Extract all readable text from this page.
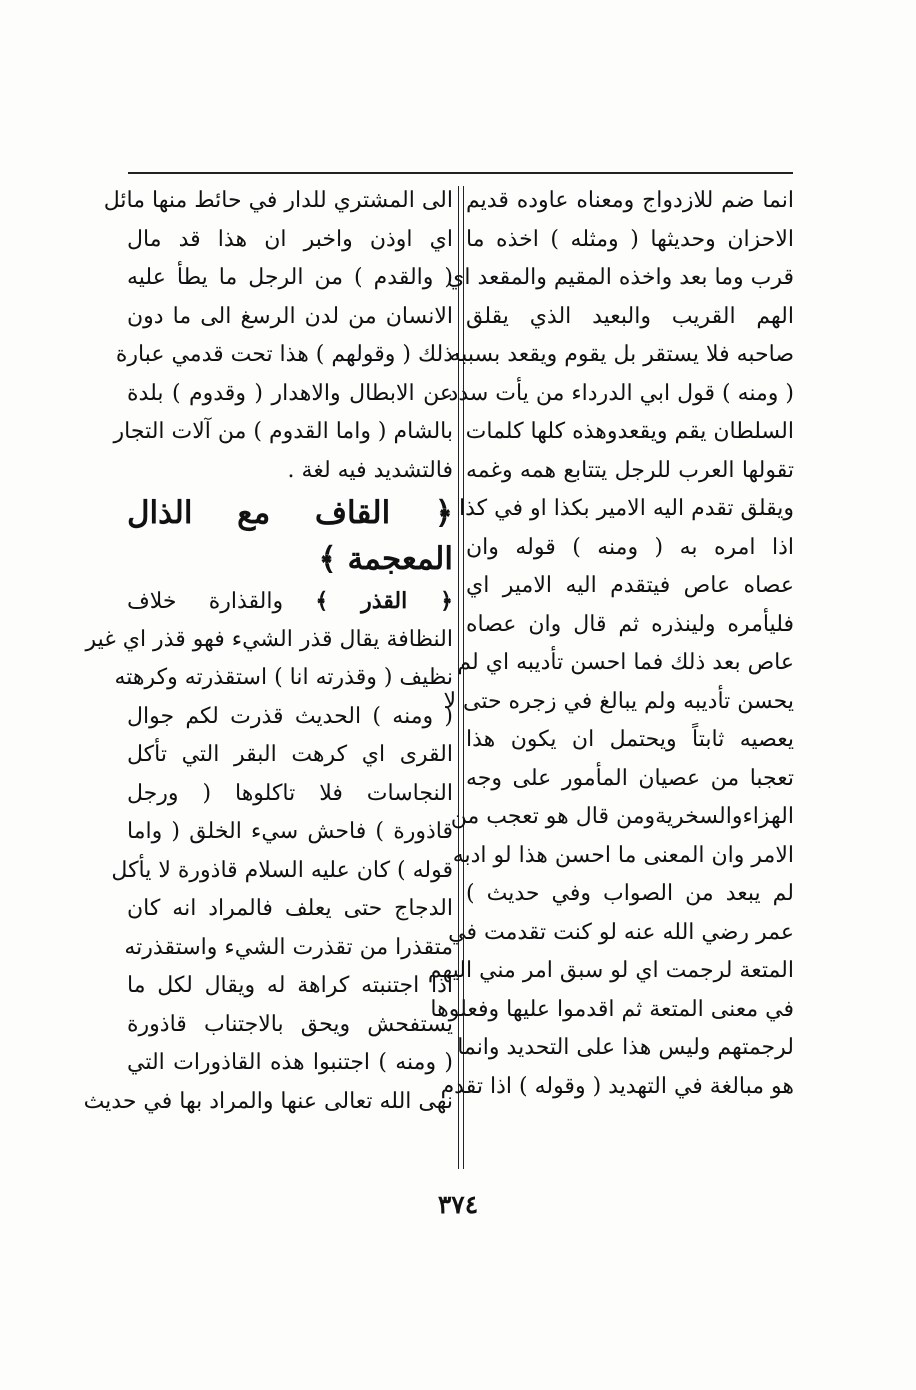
انما ضم للازدواج ومعناه عاوده قديم
الاحزان وحديثها ( ومثله ) اخذه ما
قرب وما بعد واخذه المقيم والمقعد اي
الهم القريب والبعيد الذي يقلق
صاحبه فلا يستقر بل يقوم ويقعد بسببه
( ومنه ) قول ابي الدرداء من يأت سدد
السلطان يقم ويقعدوهذه كلها كلمات
تقولها العرب للرجل يتتابع همه وغمه
ويقلق تقدم اليه الامير بكذا او في كذا
اذا امره به ( ومنه ) قوله وان
عصاه عاص فيتقدم اليه الامير اي
فليأمره ولينذره ثم قال وان عصاه
عاص بعد ذلك فما احسن تأديبه اي لم
يحسن تأديبه ولم يبالغ في زجره حتى لا
يعصيه ثابتاً ويحتمل ان يكون هذا
تعجبا من عصيان المأمور على وجه
الهزاءوالسخريةومن قال هو تعجب من
الامر وان المعنى ما احسن هذا لو ادبه
لم يبعد من الصواب وفي حديث )
عمر رضي الله عنه لو كنت تقدمت في
المتعة لرجمت اي لو سبق امر مني اليهم
في معنى المتعة ثم اقدموا عليها وفعلوها
لرجمتهم وليس هذا على التحديد وانما
هو مبالغة في التهديد ( وقوله ) اذا تقدم
الى المشتري للدار في حائط منها مائل
اي اوذن واخبر ان هذا قد مال
( والقدم ) من الرجل ما يطأ عليه
الانسان من لدن الرسغ الى ما دون
ذلك ( وقولهم ) هذا تحت قدمي عبارة
عن الابطال والاهدار ( وقدوم ) بلدة
بالشام ( واما القدوم ) من آلات التجار
فالتشديد فيه لغة .
﴿ القاف مع الذال
المعجمة ﴾
﴿ القذر ﴾ والقذارة خلاف
النظافة يقال قذر الشيء فهو قذر اي غير
نظيف ( وقذرته انا ) استقذرته وكرهته
( ومنه ) الحديث قذرت لكم جوال
القرى اي كرهت البقر التي تأكل
النجاسات فلا تاكلوها ( ورجل
قاذورة ) فاحش سيء الخلق ( واما
قوله ) كان عليه السلام قاذورة لا يأكل
الدجاج حتى يعلف فالمراد انه كان
متقذرا من تقذرت الشيء واستقذرته
اذا اجتنبته كراهة له ويقال لكل ما
يستفحش ويحق بالاجتناب قاذورة
( ومنه ) اجتنبوا هذه القاذورات التي
نهى الله تعالى عنها والمراد بها في حديث
٣٧٤
